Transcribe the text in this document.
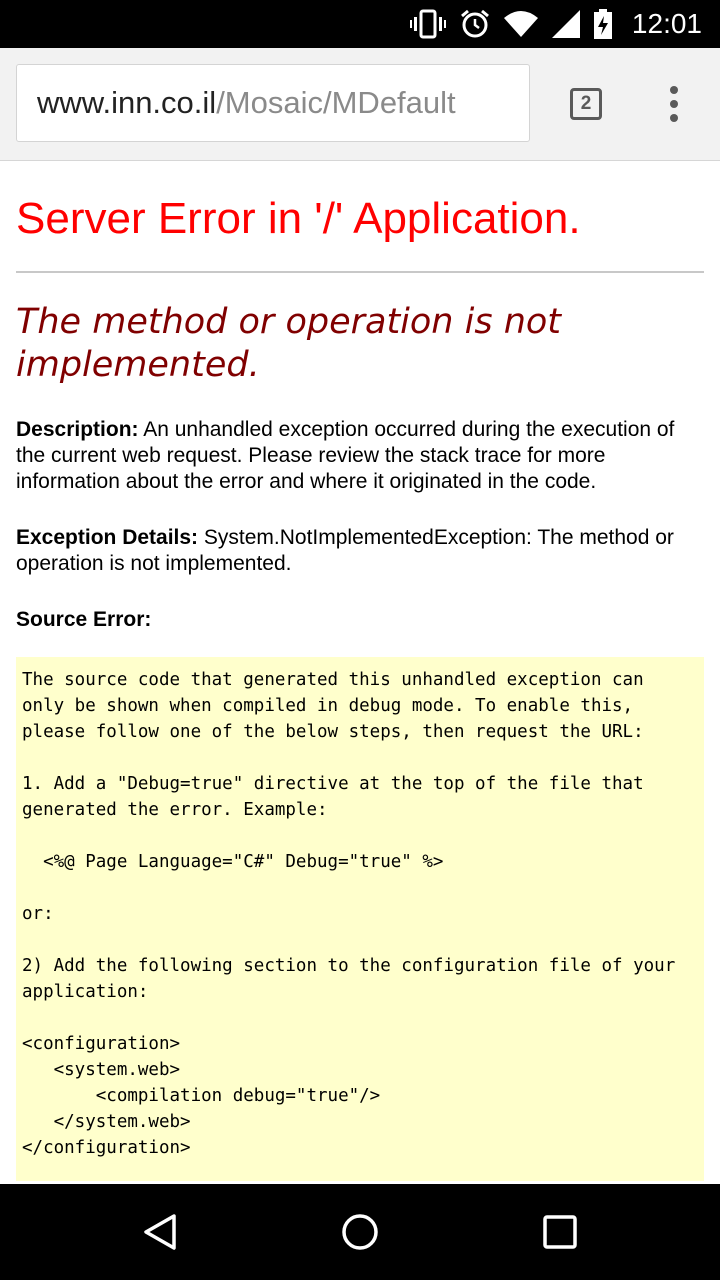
12:01
www.inn.co.il /Mosaic/MDefault	2
Server Error in '/' Application.
The method or operation is not implemented.
Description: An unhandled exception occurred during the execution of the current web request. Please review the stack trace for more information about the error and where it originated in the code.
Exception Details: System.NotImplementedException: The method or operation is not implemented.
Source Error:
The source code that generated this unhandled exception can
only be shown when compiled in debug mode. To enable this,
please follow one of the below steps, then request the URL:

1. Add a "Debug=true" directive at the top of the file that
generated the error. Example:

<%@ Page Language="C#" Debug="true" %>

or:

2) Add the following section to the configuration file of your
application:

<configuration>
<system.web>
<compilation debug="true"/>
</system.web>
</configuration>
